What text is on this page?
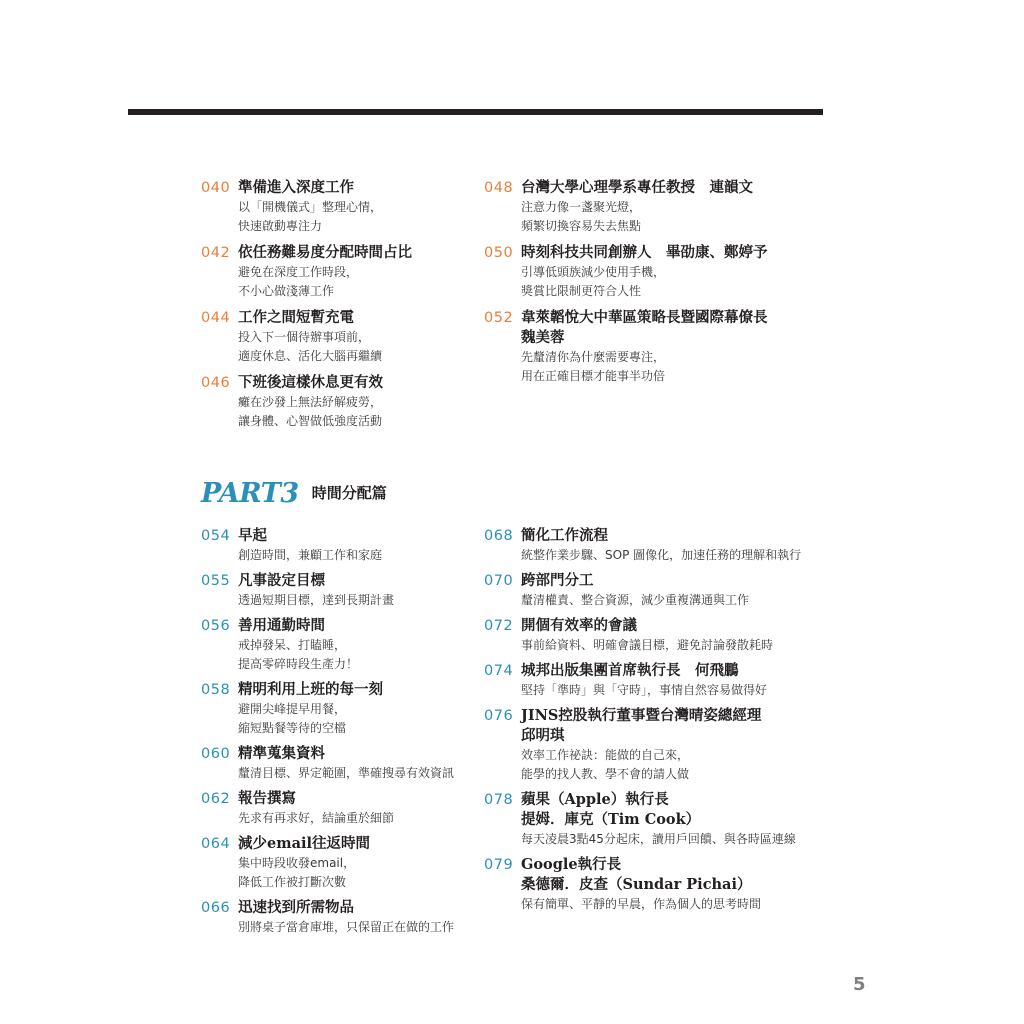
040 準備進入深度工作
以「開機儀式」整理心情，
快速啟動專注力
042 依任務難易度分配時間占比
避免在深度工作時段，
不小心做淺薄工作
044 工作之間短暫充電
投入下一個待辦事項前，
適度休息、活化大腦再繼續
046 下班後這樣休息更有效
癱在沙發上無法紓解疲勞，
讓身體、心智做低強度活動
048 台灣大學心理學系專任教授　連韻文
注意力像一盞聚光燈，
頻繁切換容易失去焦點
050 時刻科技共同創辦人　畢劭康、鄭婷予
引導低頭族減少使用手機，
獎賞比限制更符合人性
052 韋萊韜悅大中華區策略長暨國際幕僚長
魏美蓉
先釐清你為什麼需要專注，
用在正確目標才能事半功倍
PART3 時間分配篇
054 早起
創造時間，兼顧工作和家庭
055 凡事設定目標
透過短期目標，達到長期計畫
056 善用通勤時間
戒掉發呆、打瞌睡，
提高零碎時段生產力！
058 精明利用上班的每一刻
避開尖峰提早用餐，
縮短點餐等待的空檔
060 精準蒐集資料
釐清目標、界定範圍，準確搜尋有效資訊
062 報告撰寫
先求有再求好，結論重於細節
064 減少email往返時間
集中時段收發email，
降低工作被打斷次數
066 迅速找到所需物品
別將桌子當倉庫堆，只保留正在做的工作
068 簡化工作流程
統整作業步驟、SOP 圖像化，加速任務的理解和執行
070 跨部門分工
釐清權責、整合資源，減少重複溝通與工作
072 開個有效率的會議
事前給資料、明確會議目標，避免討論發散耗時
074 城邦出版集團首席執行長　何飛鵬
堅持「準時」與「守時」，事情自然容易做得好
076 JINS控股執行董事暨台灣晴姿總經理
邱明琪
效率工作祕訣：能做的自己來，
能學的找人教、學不會的請人做
078 蘋果（Apple）執行長
提姆．庫克（Tim Cook）
每天凌晨3點45分起床，讀用戶回饋、與各時區連線
079 Google執行長
桑德爾．皮查（Sundar Pichai）
保有簡單、平靜的早晨，作為個人的思考時間
5
